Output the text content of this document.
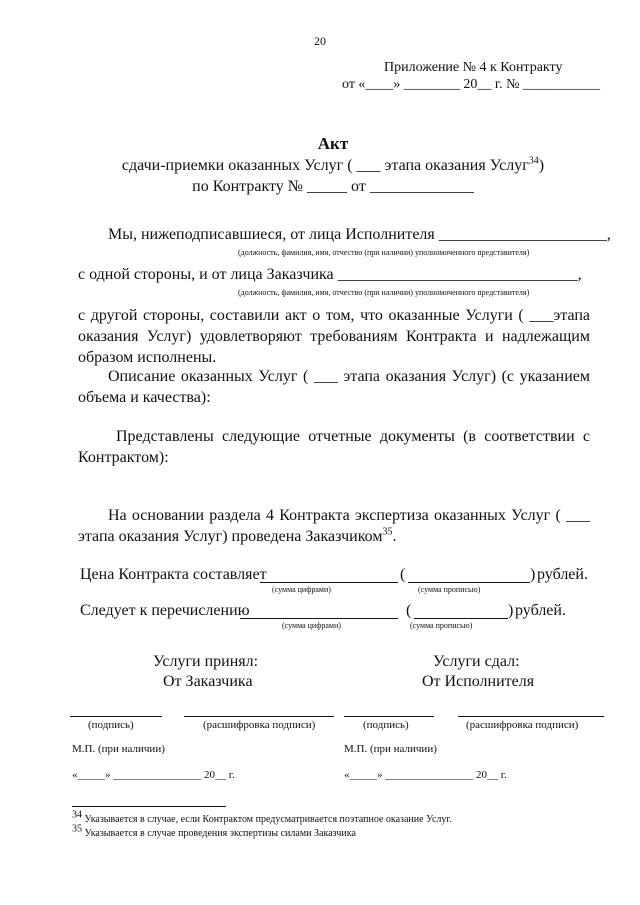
20
Приложение № 4 к Контракту
от «____» ________ 20__ г. № ___________
Акт
сдачи-приемки оказанных Услуг ( ___ этапа оказания Услуг$^{34}$)
по Контракту № _____ от _____________
Мы, нижеподписавшиеся, от лица Исполнителя _____________________,
(должность, фамилия, имя, отчество (при наличии) уполномоченного представителя)
с одной стороны, и от лица Заказчика ______________________________,
(должность, фамилия, имя, отчество (при наличии) уполномоченного представителя)
с другой стороны, составили акт о том, что оказанные Услуги ( ___этапа оказания Услуг) удовлетворяют требованиям Контракта и надлежащим образом исполнены.
Описание оказанных Услуг ( ___ этапа оказания Услуг) (с указанием объема и качества):
Представлены следующие отчетные документы (в соответствии с Контрактом):
На основании раздела 4 Контракта экспертиза оказанных Услуг ( ___ этапа оказания Услуг) проведена Заказчиком$^{35}$.
Цена Контракта составляет	(	) рублей.
(сумма цифрами)	(сумма прописью)
Следует к перечислению	(	) рублей.
(сумма цифрами)	(сумма прописью)
Услуги принял:
От Заказчика
Услуги сдал:
От Исполнителя
(подпись)	(расшифровка подписи)	(подпись)	(расшифровка подписи)
М.П. (при наличии)	М.П. (при наличии)
«_____» ________________ 20__ г.	«_____» ________________ 20__ г.
$^{34}$ Указывается в случае, если Контрактом предусматривается поэтапное оказание Услуг.
$^{35}$ Указывается в случае проведения экспертизы силами Заказчика
